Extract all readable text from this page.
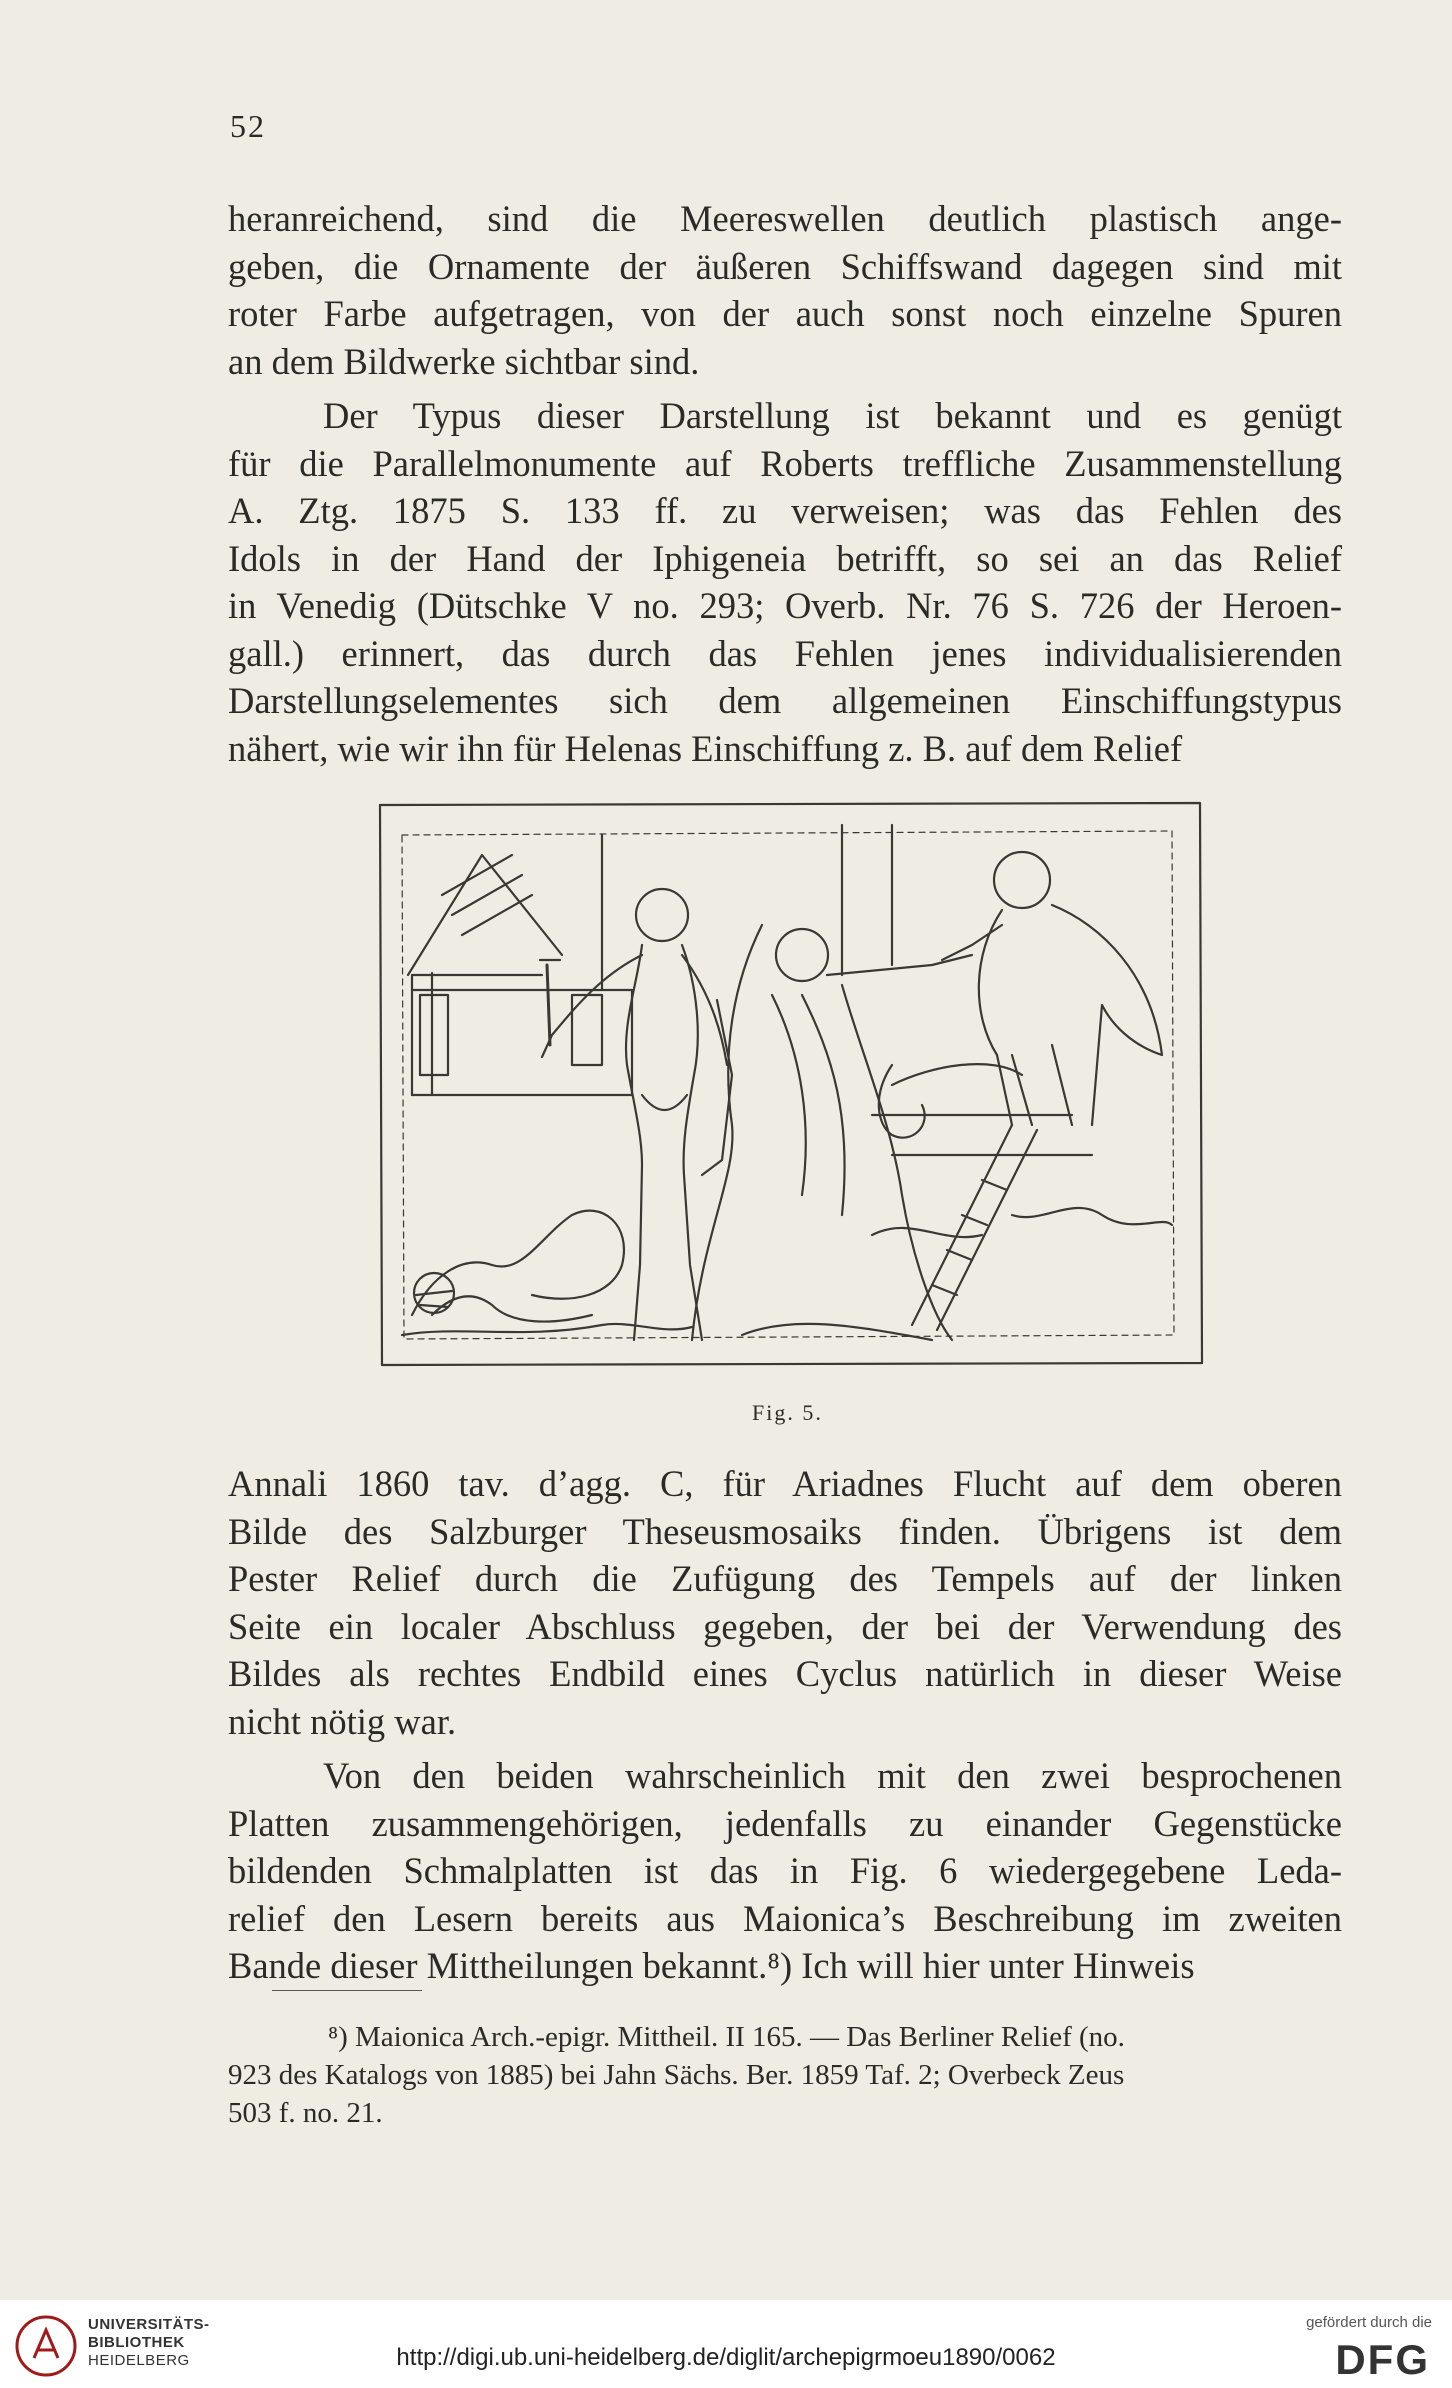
52
heranreichend, sind die Meereswellen deutlich plastisch ange-
geben, die Ornamente der äußeren Schiffswand dagegen sind mit
roter Farbe aufgetragen, von der auch sonst noch einzelne Spuren
an dem Bildwerke sichtbar sind.
Der Typus dieser Darstellung ist bekannt und es genügt
für die Parallelmonumente auf Roberts treffliche Zusammenstellung
A. Ztg. 1875 S. 133 ff. zu verweisen; was das Fehlen des
Idols in der Hand der Iphigeneia betrifft, so sei an das Relief
in Venedig (Dütschke V no. 293; Overb. Nr. 76 S. 726 der Heroen-
gall.) erinnert, das durch das Fehlen jenes individualisierenden
Darstellungselementes sich dem allgemeinen Einschiffungstypus
nähert, wie wir ihn für Helenas Einschiffung z. B. auf dem Relief
Annali 1860 tav. d’agg. C, für Ariadnes Flucht auf dem oberen
Bilde des Salzburger Theseusmosaiks finden. Übrigens ist dem
Pester Relief durch die Zufügung des Tempels auf der linken
Seite ein localer Abschluss gegeben, der bei der Verwendung des
Bildes als rechtes Endbild eines Cyclus natürlich in dieser Weise
nicht nötig war.
Von den beiden wahrscheinlich mit den zwei besprochenen
Platten zusammengehörigen, jedenfalls zu einander Gegenstücke
bildenden Schmalplatten ist das in Fig. 6 wiedergegebene Leda-
relief den Lesern bereits aus Maionica’s Beschreibung im zweiten
Bande dieser Mittheilungen bekannt.⁸) Ich will hier unter Hinweis
Fig. 5.
⁸) Maionica Arch.-epigr. Mittheil. II 165. — Das Berliner Relief (no.
923 des Katalogs von 1885) bei Jahn Sächs. Ber. 1859 Taf. 2; Overbeck Zeus
503 f. no. 21.
UNIVERSITÄTS-
BIBLIOTHEK
HEIDELBERG	http://digi.ub.uni-heidelberg.de/diglit/archepigrmoeu1890/0062
gefördert durch die
DFG
